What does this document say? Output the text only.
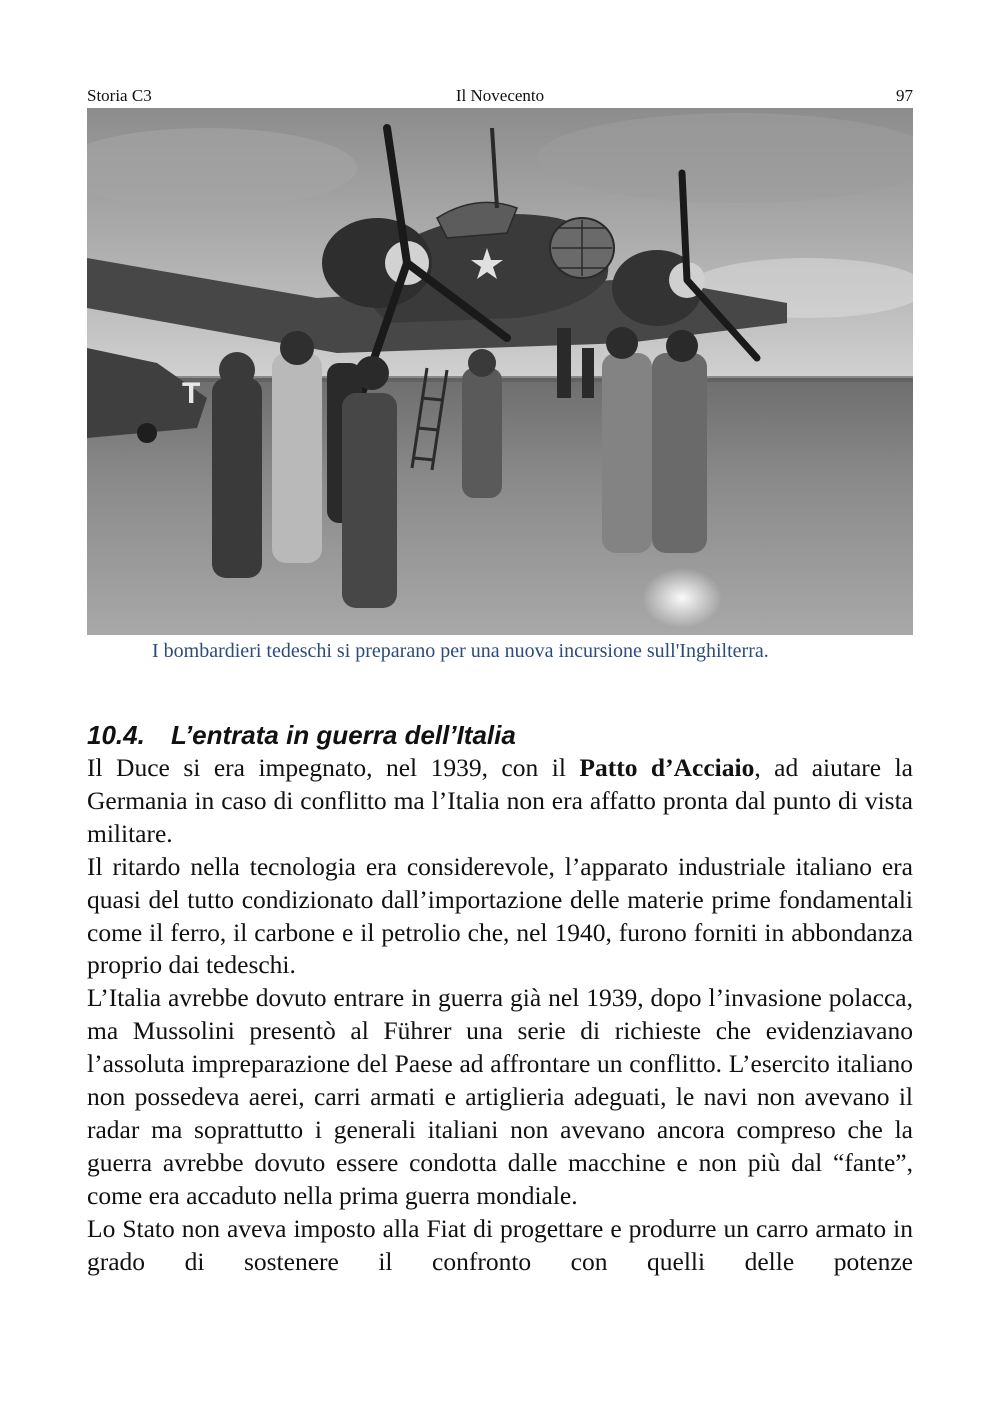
Storia C3	Il Novecento	97
T
I bombardieri tedeschi si preparano per una nuova incursione sull'Inghilterra.
10.4. L’entrata in guerra dell’Italia

Il Duce si era impegnato, nel 1939, con il Patto d’Acciaio, ad aiutare la Germania in caso di conflitto ma l’Italia non era affatto pronta dal punto di vista militare.

Il ritardo nella tecnologia era considerevole, l’apparato industriale italiano era quasi del tutto condizionato dall’importazione delle materie prime fondamentali come il ferro, il carbone e il petrolio che, nel 1940, furono forniti in abbondanza proprio dai tedeschi.

L’Italia avrebbe dovuto entrare in guerra già nel 1939, dopo l’invasione polacca, ma Mussolini presentò al Führer una serie di richieste che evidenziavano l’assoluta impreparazione del Paese ad affrontare un conflitto. L’esercito italiano non possedeva aerei, carri armati e artiglieria adeguati, le navi non avevano il radar ma soprattutto i generali italiani non avevano ancora compreso che la guerra avrebbe dovuto essere condotta dalle macchine e non più dal “fante”, come era accaduto nella prima guerra mondiale.

Lo Stato non aveva imposto alla Fiat di progettare e produrre un carro armato in grado di sostenere il confronto con quelli delle potenze
